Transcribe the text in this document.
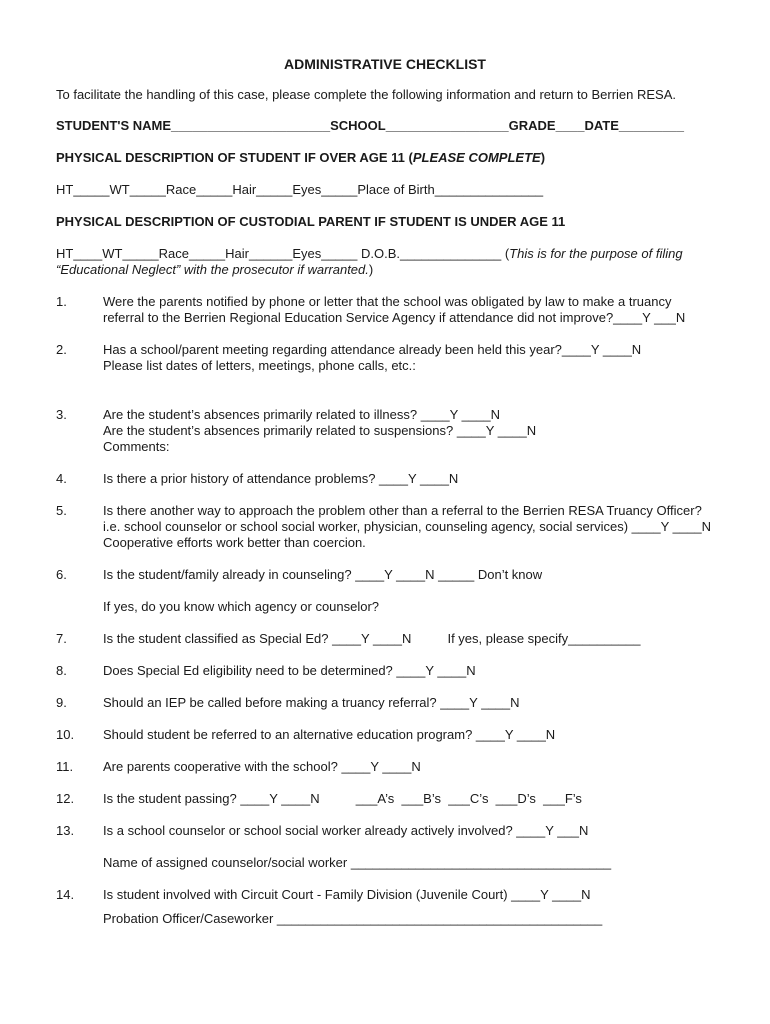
ADMINISTRATIVE CHECKLIST
To facilitate the handling of this case, please complete the following information and return to Berrien RESA.
STUDENT'S NAME______________________SCHOOL_________________GRADE____DATE_________
PHYSICAL DESCRIPTION OF STUDENT IF OVER AGE 11 (PLEASE COMPLETE)
HT_____WT_____Race_____Hair_____Eyes_____Place of Birth_______________
PHYSICAL DESCRIPTION OF CUSTODIAL PARENT IF STUDENT IS UNDER AGE 11
HT____WT_____Race_____Hair______Eyes_____ D.O.B.______________ (This is for the purpose of filing “Educational Neglect” with the prosecutor if warranted.)
1.	Were the parents notified by phone or letter that the school was obligated by law to make a truancy referral to the Berrien Regional Education Service Agency if attendance did not improve?____Y ___N
2.	Has a school/parent meeting regarding attendance already been held this year?____Y ____N
Please list dates of letters, meetings, phone calls, etc.:
3.	Are the student’s absences primarily related to illness? ____Y ____N
Are the student’s absences primarily related to suspensions? ____Y ____N
Comments:
4.	Is there a prior history of attendance problems? ____Y ____N
5.	Is there another way to approach the problem other than a referral to the Berrien RESA Truancy Officer?  i.e. school counselor or school social worker, physician, counseling agency, social services) ____Y ____N          Cooperative efforts work better than coercion.
6.	Is the student/family already in counseling? ____Y ____N _____ Don’t know
If yes, do you know which agency or counselor?
7.	Is the student classified as Special Ed? ____Y ____N          If yes, please specify__________
8.	Does Special Ed eligibility need to be determined? ____Y ____N
9.	Should an IEP be called before making a truancy referral? ____Y ____N
10.	Should student be referred to an alternative education program? ____Y ____N
11.	Are parents cooperative with the school? ____Y ____N
12.	Is the student passing? ____Y ____N          ___A’s  ___B’s  ___C’s  ___D’s  ___F’s
13.	Is a school counselor or school social worker already actively involved? ____Y ___N
Name of assigned counselor/social worker ____________________________________
14.	Is student involved with Circuit Court - Family Division (Juvenile Court) ____Y ____N
Probation Officer/Caseworker _____________________________________________
